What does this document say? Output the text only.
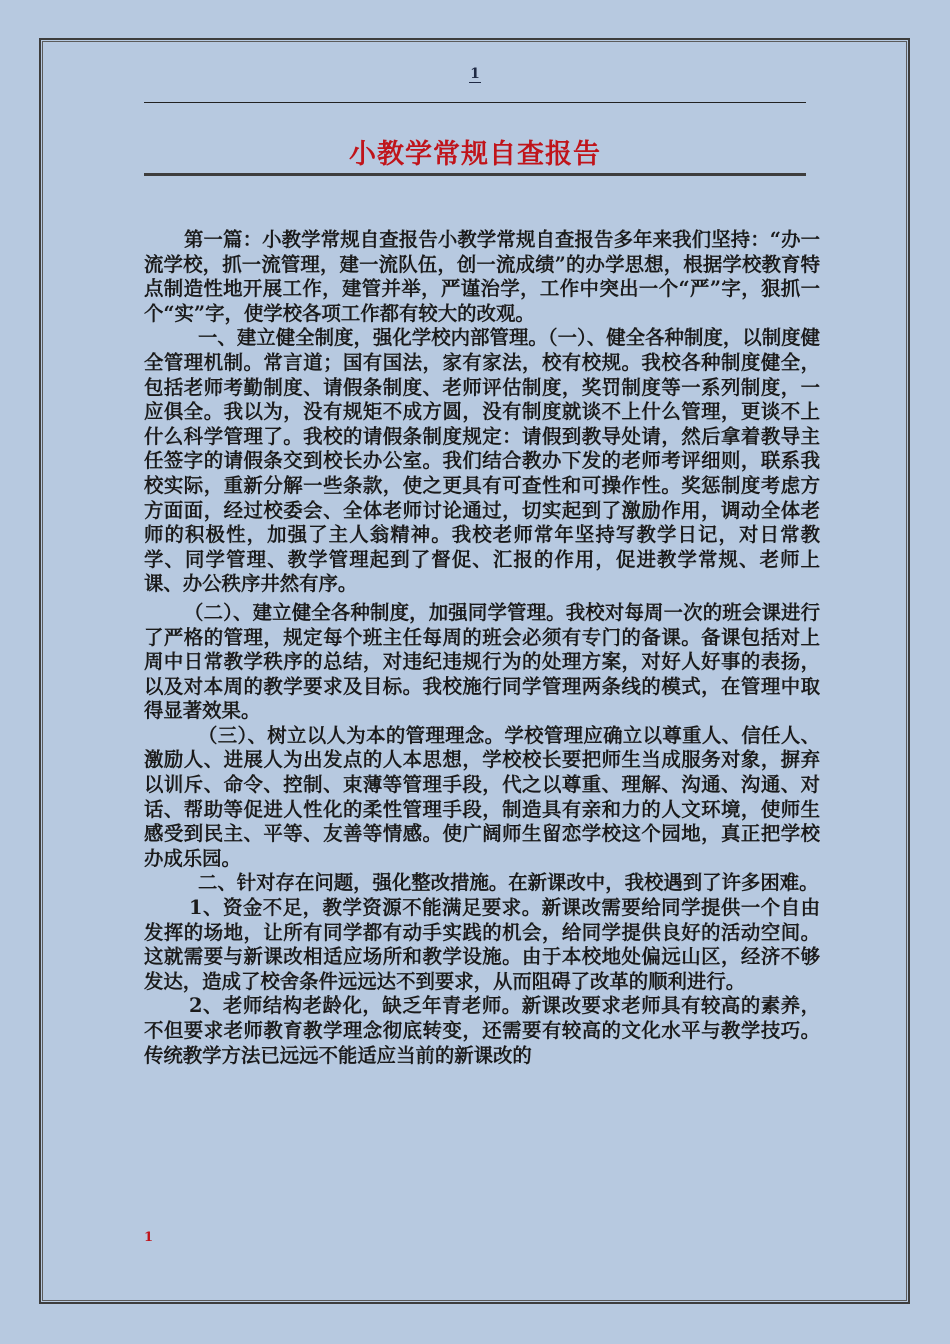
1
小教学常规自查报告

第一篇：小教学常规自查报告小教学常规自查报告多年来我们坚持：“办一流学校，抓一流管理，建一流队伍，创一流成绩”的办学思想，根据学校教育特点制造性地开展工作，建管并举，严谨治学，工作中突出一个“严”字，狠抓一个“实”字，使学校各项工作都有较大的改观。

一、建立健全制度，强化学校内部管理。（一）、健全各种制度，以制度健全管理机制。常言道；国有国法，家有家法，校有校规。我校各种制度健全，包括老师考勤制度、请假条制度、老师评估制度，奖罚制度等一系列制度，一应俱全。我以为，没有规矩不成方圆，没有制度就谈不上什么管理，更谈不上什么科学管理了。我校的请假条制度规定：请假到教导处请，然后拿着教导主任签字的请假条交到校长办公室。我们结合教办下发的老师考评细则，联系我校实际，重新分解一些条款，使之更具有可查性和可操作性。奖惩制度考虑方方面面，经过校委会、全体老师讨论通过，切实起到了激励作用，调动全体老师的积极性，加强了主人翁精神。我校老师常年坚持写教学日记，对日常教学、同学管理、教学管理起到了督促、汇报的作用，促进教学常规、老师上课、办公秩序井然有序。

（二）、建立健全各种制度，加强同学管理。我校对每周一次的班会课进行了严格的管理，规定每个班主任每周的班会必须有专门的备课。备课包括对上周中日常教学秩序的总结，对违纪违规行为的处理方案，对好人好事的表扬，以及对本周的教学要求及目标。我校施行同学管理两条线的模式，在管理中取得显著效果。

（三）、树立以人为本的管理理念。学校管理应确立以尊重人、信任人、激励人、进展人为出发点的人本思想，学校校长要把师生当成服务对象，摒弃以训斥、命令、控制、束薄等管理手段，代之以尊重、理解、沟通、沟通、对话、帮助等促进人性化的柔性管理手段，制造具有亲和力的人文环境，使师生感受到民主、平等、友善等情感。使广阔师生留恋学校这个园地，真正把学校办成乐园。

二、针对存在问题，强化整改措施。在新课改中，我校遇到了许多困难。

1、资金不足，教学资源不能满足要求。新课改需要给同学提供一个自由发挥的场地，让所有同学都有动手实践的机会，给同学提供良好的活动空间。这就需要与新课改相适应场所和教学设施。由于本校地处偏远山区，经济不够发达，造成了校舍条件远远达不到要求，从而阻碍了改革的顺利进行。

2、老师结构老龄化，缺乏年青老师。新课改要求老师具有较高的素养，不但要求老师教育教学理念彻底转变，还需要有较高的文化水平与教学技巧。传统教学方法已远远不能适应当前的新课改的

1
